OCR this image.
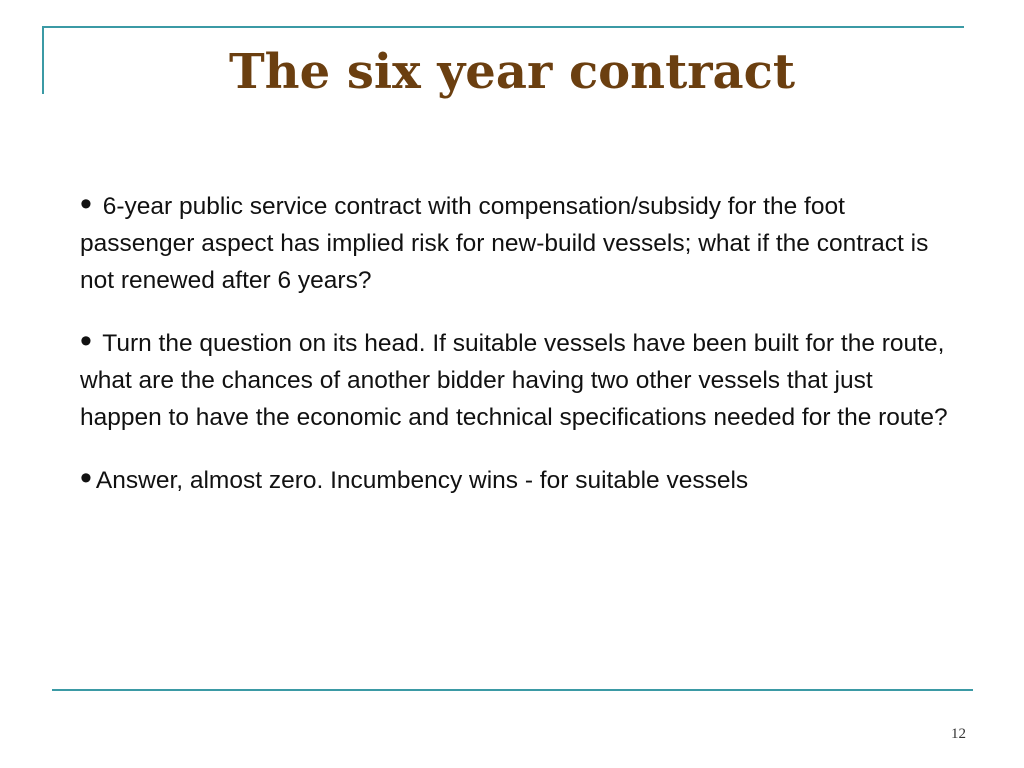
The six year contract

• 6-year public service contract with compensation/subsidy for the foot passenger aspect has implied risk for new-build vessels; what if the contract is not renewed after 6 years?

• Turn the question on its head. If suitable vessels have been built for the route, what are the chances of another bidder having two other vessels that just happen to have the economic and technical specifications needed for the route?

• Answer, almost zero. Incumbency wins - for suitable vessels

12
